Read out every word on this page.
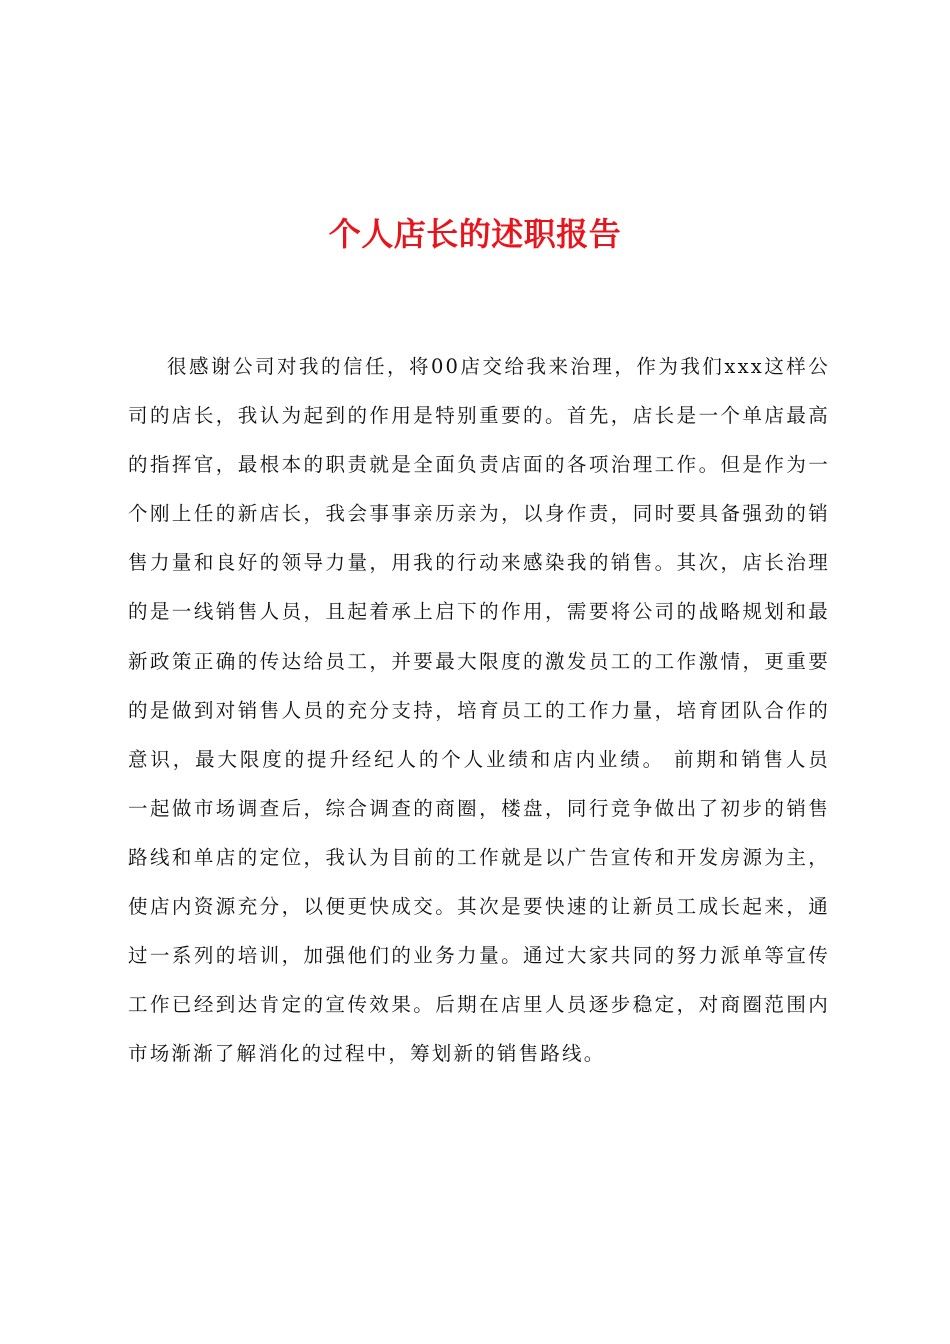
个人店长的述职报告

很感谢公司对我的信任，将00店交给我来治理，作为我们xxx这样公司的店长，我认为起到的作用是特别重要的。首先，店长是一个单店最高的指挥官，最根本的职责就是全面负责店面的各项治理工作。但是作为一个刚上任的新店长，我会事事亲历亲为，以身作责，同时要具备强劲的销售力量和良好的领导力量，用我的行动来感染我的销售。其次，店长治理的是一线销售人员，且起着承上启下的作用，需要将公司的战略规划和最新政策正确的传达给员工，并要最大限度的激发员工的工作激情，更重要的是做到对销售人员的充分支持，培育员工的工作力量，培育团队合作的意识，最大限度的提升经纪人的个人业绩和店内业绩。 前期和销售人员一起做市场调查后，综合调查的商圈，楼盘，同行竞争做出了初步的销售路线和单店的定位，我认为目前的工作就是以广告宣传和开发房源为主，使店内资源充分，以便更快成交。其次是要快速的让新员工成长起来，通过一系列的培训，加强他们的业务力量。通过大家共同的努力派单等宣传工作已经到达肯定的宣传效果。后期在店里人员逐步稳定，对商圈范围内市场渐渐了解消化的过程中，筹划新的销售路线。
